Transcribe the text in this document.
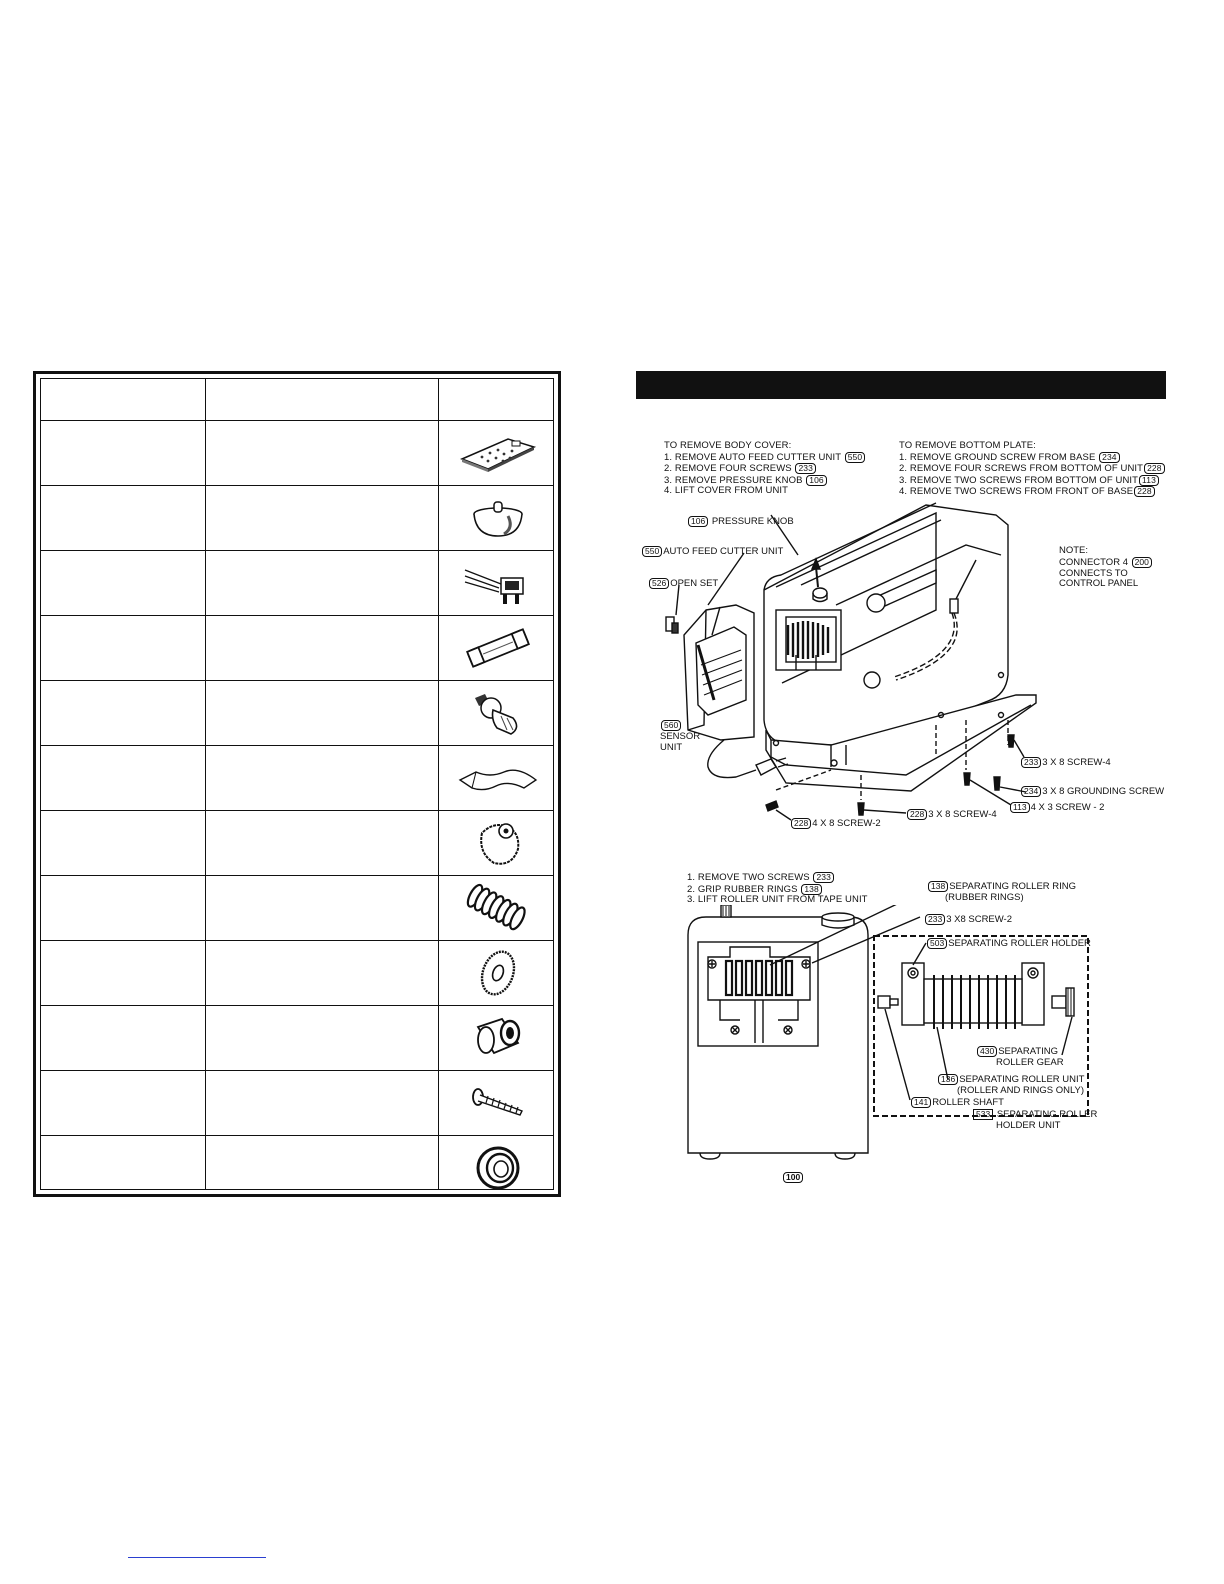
TO REMOVE BODY COVER:
1. REMOVE AUTO FEED CUTTER UNIT 550
2. REMOVE FOUR SCREWS 233
3. REMOVE PRESSURE KNOB 106
4. LIFT COVER FROM UNIT
TO REMOVE BOTTOM PLATE:
1. REMOVE GROUND SCREW FROM BASE 234
2. REMOVE FOUR SCREWS FROM BOTTOM OF UNIT 228
3. REMOVE TWO SCREWS FROM BOTTOM OF UNIT 113
4. REMOVE TWO SCREWS FROM FRONT OF BASE 228
106 PRESSURE KNOB
550 AUTO FEED CUTTER UNIT
526 OPEN SET
560
SENSOR
UNIT
NOTE:
CONNECTOR 4 200
CONNECTS TO
CONTROL PANEL
233 3 X 8 SCREW-4
234 3 X 8 GROUNDING SCREW
113 4 X 3 SCREW - 2
228 3 X 8 SCREW-4
228 4 X 8 SCREW-2
1. REMOVE TWO SCREWS 233
2. GRIP RUBBER RINGS 138
3. LIFT ROLLER UNIT FROM TAPE UNIT
138 SEPARATING ROLLER RING
(RUBBER RINGS)
233 3 X8 SCREW-2
503 SEPARATING ROLLER HOLDER
430 SEPARATING
ROLLER GEAR
136 SEPARATING ROLLER UNIT
(ROLLER AND RINGS ONLY)
141 ROLLER SHAFT
533 SEPARATING ROLLER
HOLDER UNIT
100
